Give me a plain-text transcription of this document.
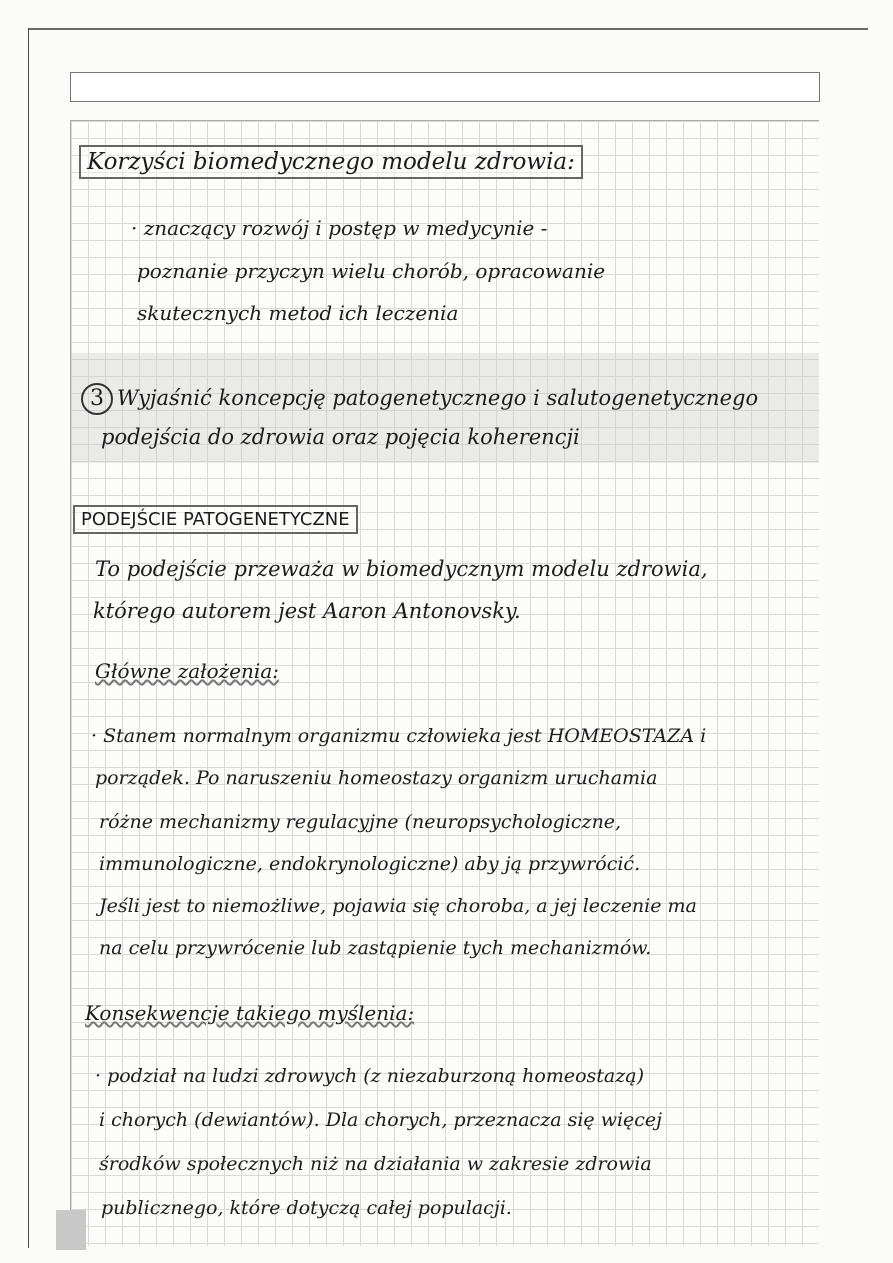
Korzyści biomedycznego modelu zdrowia:
· znaczący rozwój i postęp w medycynie -
poznanie przyczyn wielu chorób, opracowanie
skutecznych metod ich leczenia
3 Wyjaśnić koncepcję patogenetycznego i salutogenetycznego
podejścia do zdrowia oraz pojęcia koherencji
PODEJŚCIE PATOGENETYCZNE
To podejście przeważa w biomedycznym modelu zdrowia,
którego autorem jest Aaron Antonovsky.
Główne założenia:
· Stanem normalnym organizmu człowieka jest HOMEOSTAZA i
porządek. Po naruszeniu homeostazy organizm uruchamia
różne mechanizmy regulacyjne (neuropsychologiczne,
immunologiczne, endokrynologiczne) aby ją przywrócić.
Jeśli jest to niemożliwe, pojawia się choroba, a jej leczenie ma
na celu przywrócenie lub zastąpienie tych mechanizmów.
Konsekwencje takiego myślenia:
· podział na ludzi zdrowych (z niezaburzoną homeostazą)
i chorych (dewiantów). Dla chorych, przeznacza się więcej
środków społecznych niż na działania w zakresie zdrowia
publicznego, które dotyczą całej populacji.
